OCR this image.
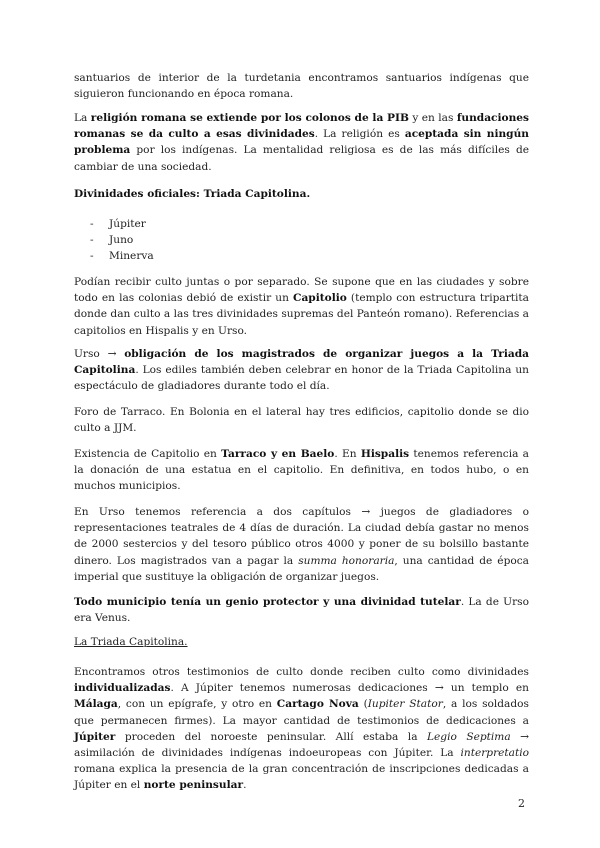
santuarios de interior de la turdetania encontramos santuarios indígenas que siguieron funcionando en época romana.

La religión romana se extiende por los colonos de la PIB y en las fundaciones romanas se da culto a esas divinidades. La religión es aceptada sin ningún problema por los indígenas. La mentalidad religiosa es de las más difíciles de cambiar de una sociedad.

Divinidades oficiales: Triada Capitolina.

- Júpiter
- Juno
- Minerva

Podían recibir culto juntas o por separado. Se supone que en las ciudades y sobre todo en las colonias debió de existir un Capitolio (templo con estructura tripartita donde dan culto a las tres divinidades supremas del Panteón romano). Referencias a capitolios en Hispalis y en Urso.

Urso → obligación de los magistrados de organizar juegos a la Triada Capitolina. Los ediles también deben celebrar en honor de la Triada Capitolina un espectáculo de gladiadores durante todo el día.

Foro de Tarraco. En Bolonia en el lateral hay tres edificios, capitolio donde se dio culto a JJM.

Existencia de Capitolio en Tarraco y en Baelo. En Hispalis tenemos referencia a la donación de una estatua en el capitolio. En definitiva, en todos hubo, o en muchos municipios.

En Urso tenemos referencia a dos capítulos → juegos de gladiadores o representaciones teatrales de 4 días de duración. La ciudad debía gastar no menos de 2000 sestercios y del tesoro público otros 4000 y poner de su bolsillo bastante dinero. Los magistrados van a pagar la summa honoraria, una cantidad de época imperial que sustituye la obligación de organizar juegos.

Todo municipio tenía un genio protector y una divinidad tutelar. La de Urso era Venus.

La Triada Capitolina.

Encontramos otros testimonios de culto donde reciben culto como divinidades individualizadas. A Júpiter tenemos numerosas dedicaciones → un templo en Málaga, con un epígrafe, y otro en Cartago Nova (Iupiter Stator, a los soldados que permanecen firmes). La mayor cantidad de testimonios de dedicaciones a Júpiter proceden del noroeste peninsular. Allí estaba la Legio Septima → asimilación de divinidades indígenas indoeuropeas con Júpiter. La interpretatio romana explica la presencia de la gran concentración de inscripciones dedicadas a Júpiter en el norte peninsular.

2
